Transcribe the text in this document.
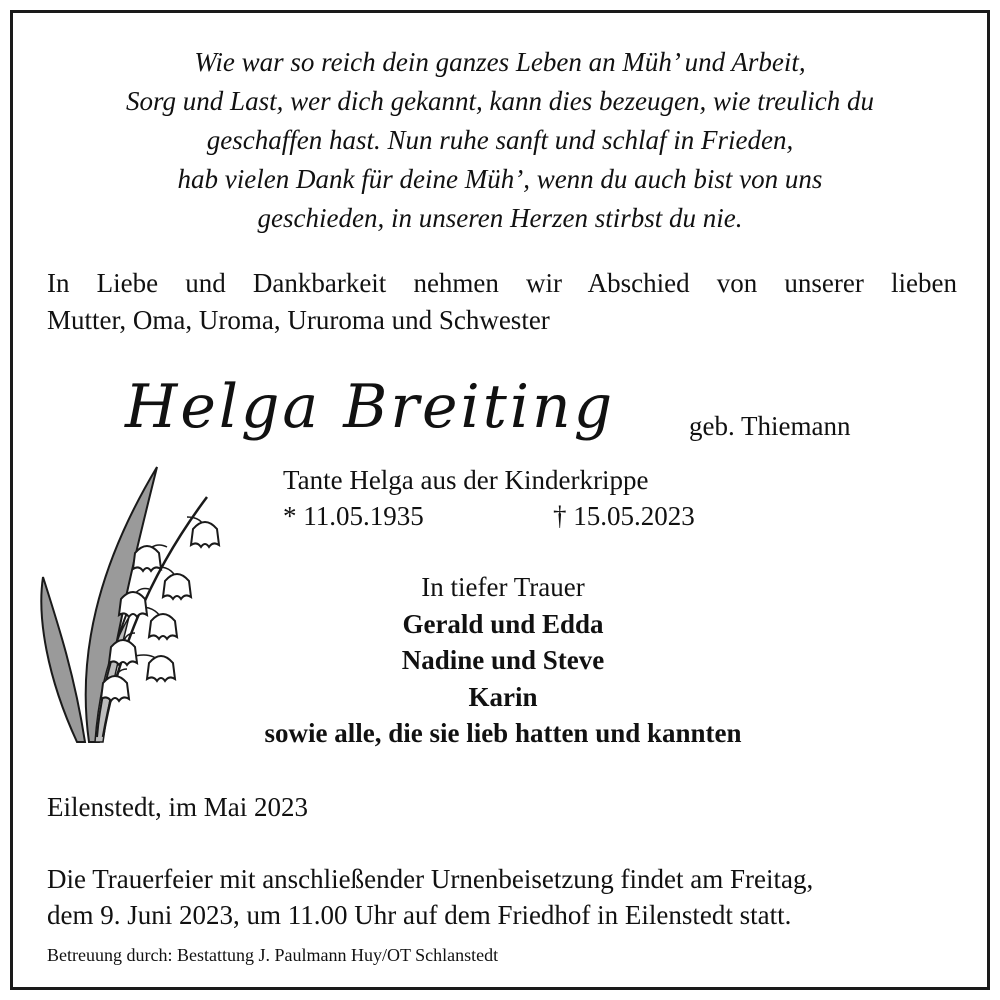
Wie war so reich dein ganzes Leben an Müh’ und Arbeit,
Sorg und Last, wer dich gekannt, kann dies bezeugen, wie treulich du
geschaffen hast. Nun ruhe sanft und schlaf in Frieden,
hab vielen Dank für deine Müh’, wenn du auch bist von uns
geschieden, in unseren Herzen stirbst du nie.
In Liebe und Dankbarkeit nehmen wir Abschied von unserer lieben
Mutter, Oma, Uroma, Ururoma und Schwester
Helga Breiting	geb. Thiemann
Tante Helga aus der Kinderkrippe
* 11.05.1935	† 15.05.2023
In tiefer Trauer
Gerald und Edda
Nadine und Steve
Karin
sowie alle, die sie lieb hatten und kannten
Eilenstedt, im Mai 2023
Die Trauerfeier mit anschließender Urnenbeisetzung findet am Freitag,
dem 9. Juni 2023, um 11.00 Uhr auf dem Friedhof in Eilenstedt statt.
Betreuung durch: Bestattung J. Paulmann Huy/OT Schlanstedt
